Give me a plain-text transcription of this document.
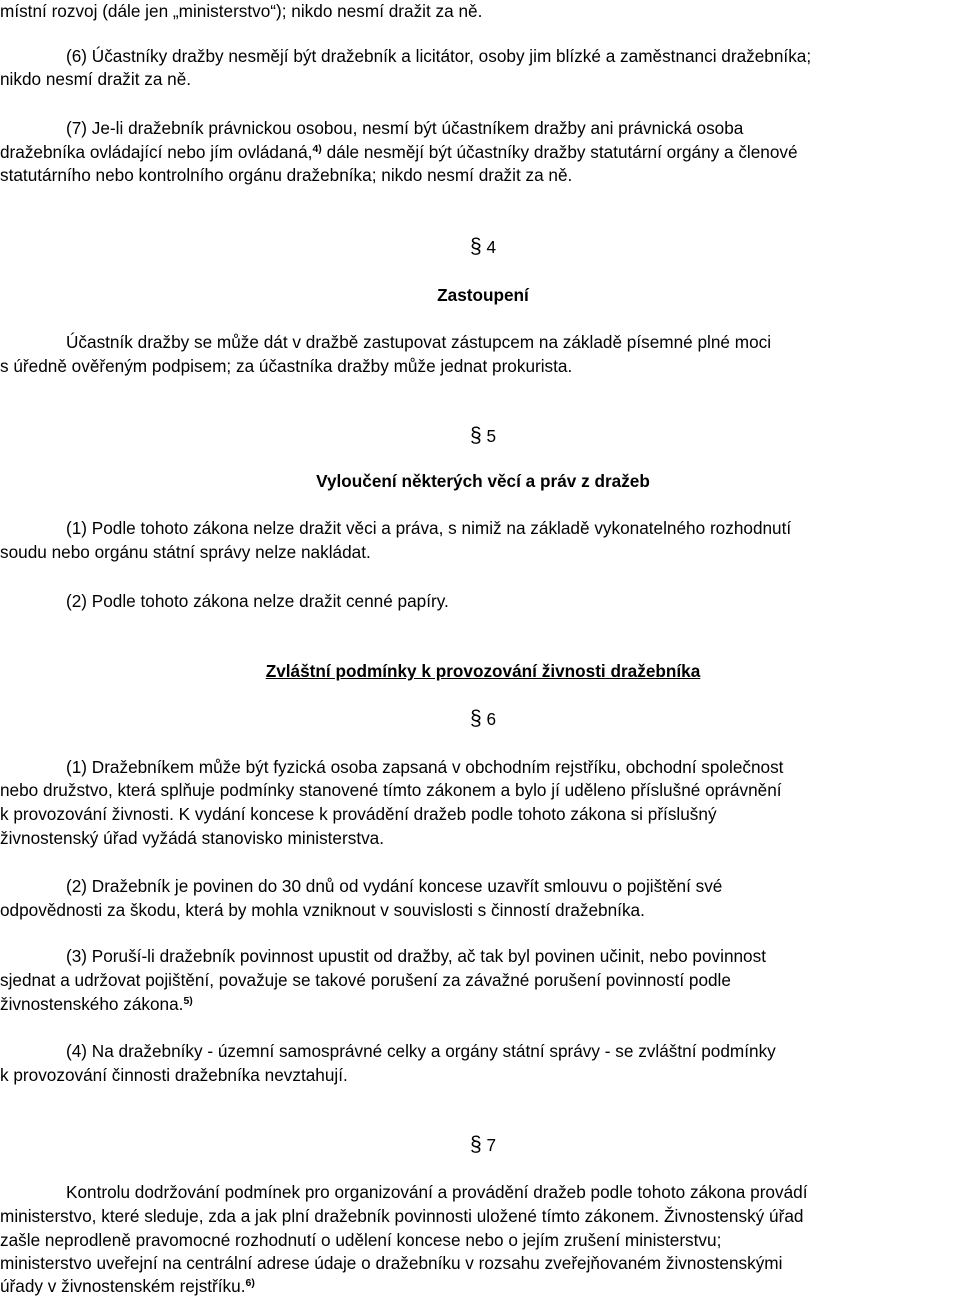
místní rozvoj (dále jen „ministerstvo“); nikdo nesmí dražit za ně.
(6) Účastníky dražby nesmějí být dražebník a licitátor, osoby jim blízké a zaměstnanci dražebníka;
nikdo nesmí dražit za ně.
(7) Je-li dražebník právnickou osobou, nesmí být účastníkem dražby ani právnická osoba
dražebníka ovládající nebo jím ovládaná,$^{4)}$ dále nesmějí být účastníky dražby statutární orgány a členové
statutárního nebo kontrolního orgánu dražebníka; nikdo nesmí dražit za ně.
§ 4
Zastoupení
Účastník dražby se může dát v dražbě zastupovat zástupcem na základě písemné plné moci
s úředně ověřeným podpisem; za účastníka dražby může jednat prokurista.
§ 5
Vyloučení některých věcí a práv z dražeb
(1) Podle tohoto zákona nelze dražit věci a práva, s nimiž na základě vykonatelného rozhodnutí
soudu nebo orgánu státní správy nelze nakládat.
(2) Podle tohoto zákona nelze dražit cenné papíry.
Zvláštní podmínky k provozování živnosti dražebníka
§ 6
(1) Dražebníkem může být fyzická osoba zapsaná v obchodním rejstříku, obchodní společnost
nebo družstvo, která splňuje podmínky stanovené tímto zákonem a bylo jí uděleno příslušné oprávnění
k provozování živnosti. K vydání koncese k provádění dražeb podle tohoto zákona si příslušný
živnostenský úřad vyžádá stanovisko ministerstva.
(2) Dražebník je povinen do 30 dnů od vydání koncese uzavřít smlouvu o pojištění své
odpovědnosti za škodu, která by mohla vzniknout v souvislosti s činností dražebníka.
(3) Poruší-li dražebník povinnost upustit od dražby, ač tak byl povinen učinit, nebo povinnost
sjednat a udržovat pojištění, považuje se takové porušení za závažné porušení povinností podle
živnostenského zákona.$^{5)}$
(4) Na dražebníky - územní samosprávné celky a orgány státní správy - se zvláštní podmínky
k provozování činnosti dražebníka nevztahují.
§ 7
Kontrolu dodržování podmínek pro organizování a provádění dražeb podle tohoto zákona provádí
ministerstvo, které sleduje, zda a jak plní dražebník povinnosti uložené tímto zákonem. Živnostenský úřad
zašle neprodleně pravomocné rozhodnutí o udělení koncese nebo o jejím zrušení ministerstvu;
ministerstvo uveřejní na centrální adrese údaje o dražebníku v rozsahu zveřejňovaném živnostenskými
úřady v živnostenském rejstříku.$^{6)}$
